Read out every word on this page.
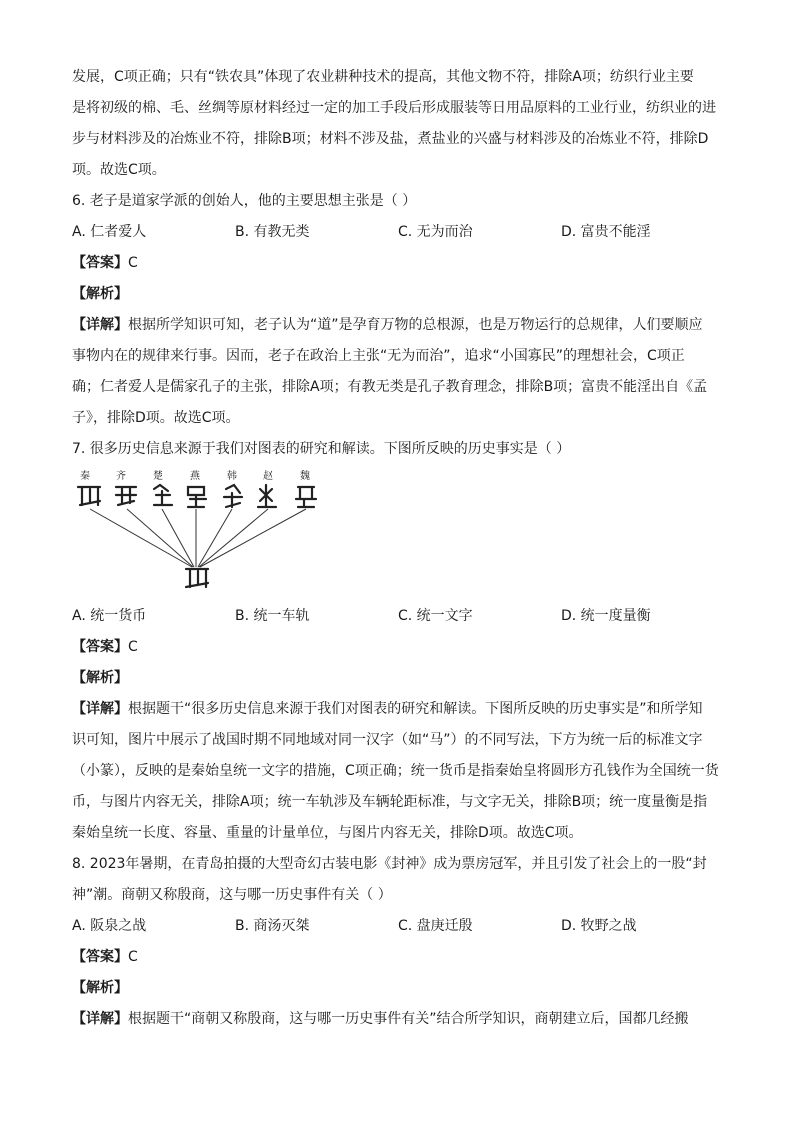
发展，C项正确；只有“铁农具”体现了农业耕种技术的提高，其他文物不符，排除A项；纺织行业主要
是将初级的棉、毛、丝绸等原材料经过一定的加工手段后形成服装等日用品原料的工业行业，纺织业的进
步与材料涉及的冶炼业不符，排除B项；材料不涉及盐，煮盐业的兴盛与材料涉及的冶炼业不符，排除D
项。故选C项。
6. 老子是道家学派的创始人，他的主要思想主张是（ ）
A. 仁者爱人	B. 有教无类	C. 无为而治	D. 富贵不能淫
【答案】C
【解析】
【详解】根据所学知识可知，老子认为“道”是孕育万物的总根源，也是万物运行的总规律，人们要顺应
事物内在的规律来行事。因而，老子在政治上主张“无为而治”，追求“小国寡民”的理想社会，C项正
确；仁者爱人是儒家孔子的主张，排除A项；有教无类是孔子教育理念，排除B项；富贵不能淫出自《孟
子》，排除D项。故选C项。
7. 很多历史信息来源于我们对图表的研究和解读。下图所反映的历史事实是（ ）
秦	齐	楚	燕	韩	赵	魏
A. 统一货币	B. 统一车轨	C. 统一文字	D. 统一度量衡
【答案】C
【解析】
【详解】根据题干“很多历史信息来源于我们对图表的研究和解读。下图所反映的历史事实是”和所学知
识可知，图片中展示了战国时期不同地域对同一汉字（如“马”）的不同写法，下方为统一后的标准文字
（小篆），反映的是秦始皇统一文字的措施，C项正确；统一货币是指秦始皇将圆形方孔钱作为全国统一货
币，与图片内容无关，排除A项；统一车轨涉及车辆轮距标准，与文字无关，排除B项；统一度量衡是指
秦始皇统一长度、容量、重量的计量单位，与图片内容无关，排除D项。故选C项。
8. 2023年暑期，在青岛拍摄的大型奇幻古装电影《封神》成为票房冠军，并且引发了社会上的一股“封
神”潮。商朝又称殷商，这与哪一历史事件有关（ ）
A. 阪泉之战	B. 商汤灭桀	C. 盘庚迁殷	D. 牧野之战
【答案】C
【解析】
【详解】根据题干“商朝又称殷商，这与哪一历史事件有关”结合所学知识，商朝建立后，国都几经搬
